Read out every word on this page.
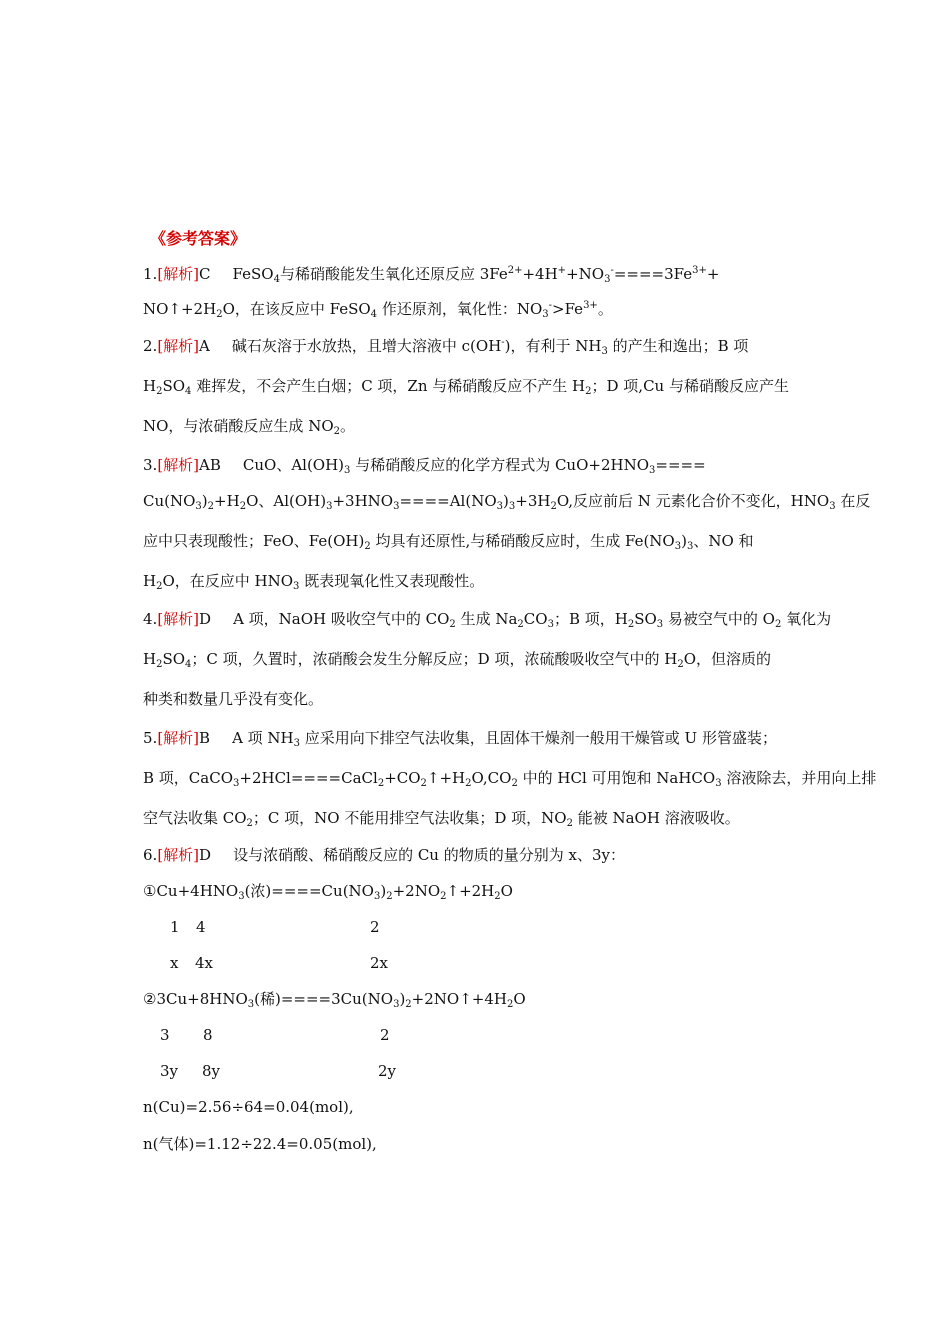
《参考答案》
1.[解析]C FeSO$_4$与稀硝酸能发生氧化还原反应 $3Fe^{2+}+4H^++NO_3^-====3Fe^{3+}+$
$NO↑+2H_2O$，在该反应中 FeSO$_4$ 作还原剂，氧化性：$NO_3^->Fe^{3+}$。
2.[解析]A 碱石灰溶于水放热，且增大溶液中 c(OH-)，有利于 $NH_3$ 的产生和逸出；B 项
$H_2SO_4$ 难挥发，不会产生白烟；C 项，Zn 与稀硝酸反应不产生 $H_2$；D 项,Cu 与稀硝酸反应产生
NO，与浓硝酸反应生成 $NO_2$。
3.[解析]AB CuO、$Al(OH)_3$ 与稀硝酸反应的化学方程式为 $CuO+2HNO_3====$
$Cu(NO_3)_2+H_2O$、$Al(OH)_3+3HNO_3====Al(NO_3)_3+3H_2O$,反应前后 N 元素化合价不变化，$HNO_3$ 在反
应中只表现酸性；FeO、$Fe(OH)_2$ 均具有还原性,与稀硝酸反应时，生成 $Fe(NO_3)_3$、NO 和
$H_2O$，在反应中 $HNO_3$ 既表现氧化性又表现酸性。
4.[解析]D A 项，NaOH 吸收空气中的 $CO_2$ 生成 $Na_2CO_3$；B 项，$H_2SO_3$ 易被空气中的 $O_2$ 氧化为
$H_2SO_4$；C 项，久置时，浓硝酸会发生分解反应；D 项，浓硫酸吸收空气中的 $H_2O$，但溶质的
种类和数量几乎没有变化。
5.[解析]B A 项 $NH_3$ 应采用向下排空气法收集，且固体干燥剂一般用干燥管或 U 形管盛装；
B 项，$CaCO_3+2HCl====CaCl_2+CO_2↑+H_2O,CO_2$ 中的 HCl 可用饱和 NaHCO$_3$ 溶液除去，并用向上排
空气法收集 $CO_2$；C 项，NO 不能用排空气法收集；D 项，$NO_2$ 能被 NaOH 溶液吸收。
6.[解析]D 设与浓硝酸、稀硝酸反应的 Cu 的物质的量分别为 x、3y：
$①Cu+4HNO_3$(浓)$====Cu(NO_3)_2+2NO_2↑+2H_2O$
1 4	2
x 4x	2x
$②3Cu+8HNO_3$(稀)$====3Cu(NO_3)_2+2NO↑+4H_2O$
3 8	2
3y 8y	2y
n(Cu)=2.56÷64=0.04(mol),
n(气体)=1.12÷22.4=0.05(mol),
